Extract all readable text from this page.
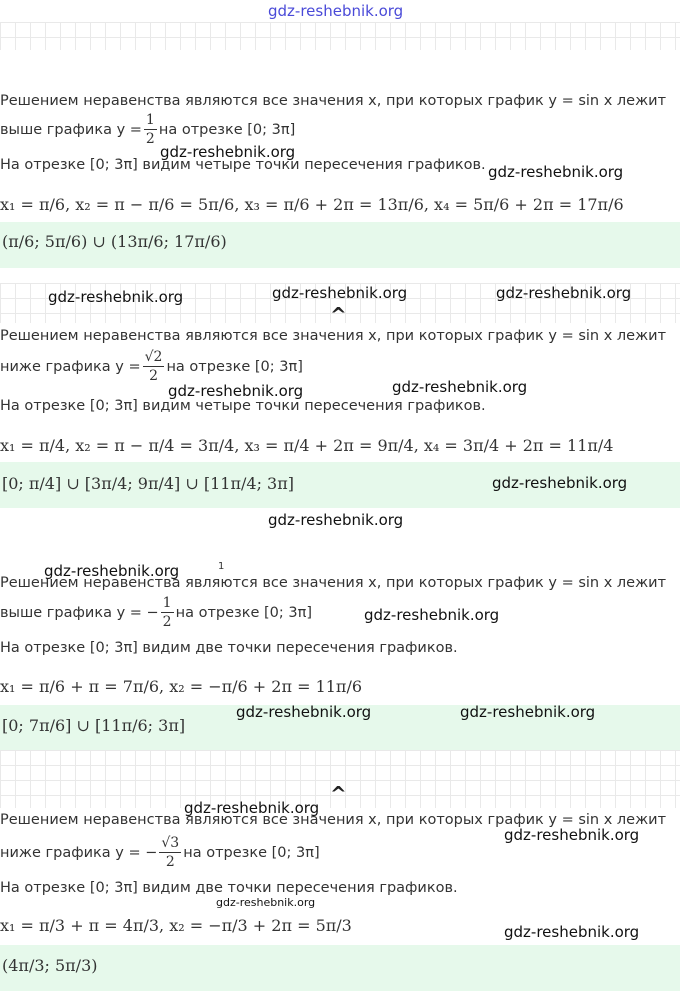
gdz-reshebnik.org
Решением неравенства являются все значения x, при которых график y = sin x лежит
выше графика $y = \frac{1}{2}$ на отрезке [0; 3π]
На отрезке [0; 3π] видим четыре точки пересечения графиков.
x₁ = π/6, x₂ = π − π/6 = 5π/6, x₃ = π/6 + 2π = 13π/6, x₄ = 5π/6 + 2π = 17π/6
(π/6; 5π/6) ∪ (13π/6; 17π/6)
gdz-reshebnik.org
gdz-reshebnik.org
gdz-reshebnik.org	gdz-reshebnik.org	gdz-reshebnik.org
^
Решением неравенства являются все значения x, при которых график y = sin x лежит
ниже графика $y = \frac{√2}{2}$ на отрезке [0; 3π]
На отрезке [0; 3π] видим четыре точки пересечения графиков.
x₁ = π/4, x₂ = π − π/4 = 3π/4, x₃ = π/4 + 2π = 9π/4, x₄ = 3π/4 + 2π = 11π/4
[0; π/4] ∪ [3π/4; 9π/4] ∪ [11π/4; 3π]
gdz-reshebnik.org	gdz-reshebnik.org
gdz-reshebnik.org
gdz-reshebnik.org
gdz-reshebnik.org	1
Решением неравенства являются все значения x, при которых график y = sin x лежит
выше графика y = − $\frac{1}{2}$ на отрезке [0; 3π]
На отрезке [0; 3π] видим две точки пересечения графиков.
x₁ = π/6 + π = 7π/6, x₂ = −π/6 + 2π = 11π/6
[0; 7π/6] ∪ [11π/6; 3π]
gdz-reshebnik.org
gdz-reshebnik.org	gdz-reshebnik.org
gdz-reshebnik.org
^
Решением неравенства являются все значения x, при которых график y = sin x лежит
ниже графика y = − $\frac{√3}{2}$ на отрезке [0; 3π]
На отрезке [0; 3π] видим две точки пересечения графиков.
x₁ = π/3 + π = 4π/3, x₂ = −π/3 + 2π = 5π/3
(4π/3; 5π/3)
gdz-reshebnik.org
gdz-reshebnik.org
gdz-reshebnik.org
